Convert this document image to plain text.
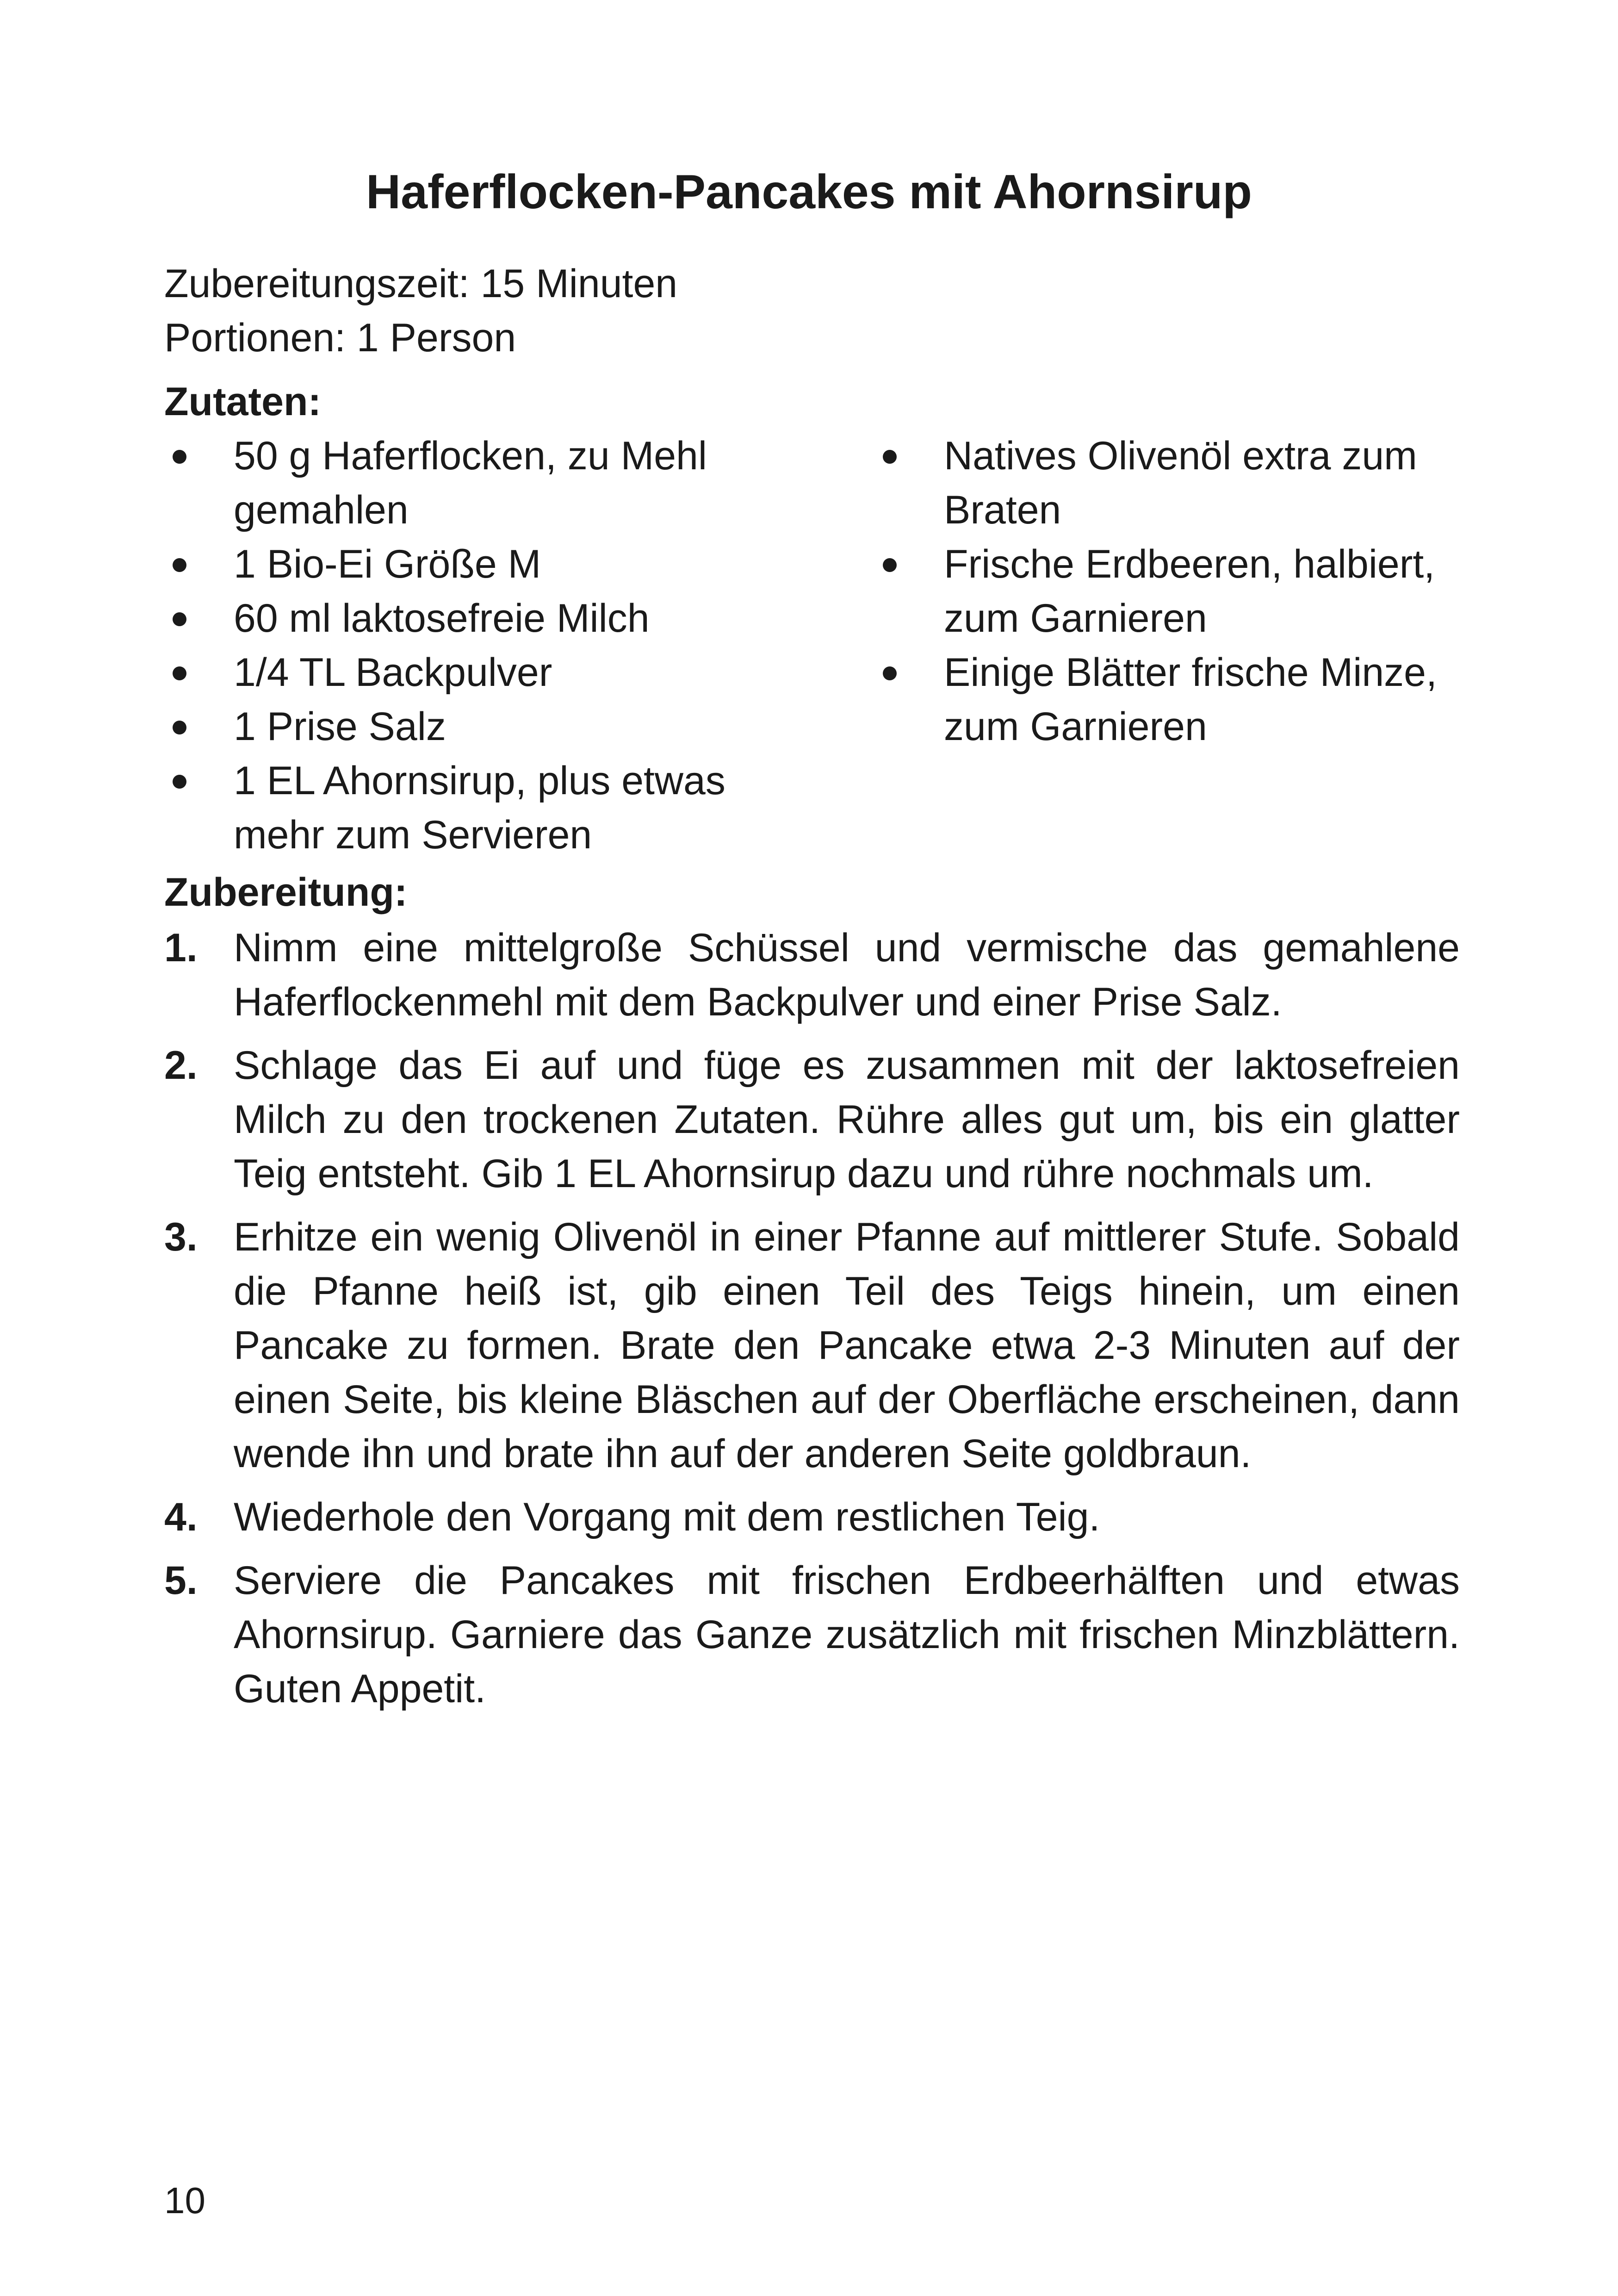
Haferflocken-Pancakes mit Ahornsirup
Zubereitungszeit: 15 Minuten
Portionen: 1 Person
Zutaten:
50 g Haferflocken, zu Mehl gemahlen
1 Bio-Ei Größe M
60 ml laktosefreie Milch
1/4 TL Backpulver
1 Prise Salz
1 EL Ahornsirup, plus etwas mehr zum Servieren
Natives Olivenöl extra zum Braten
Frische Erdbeeren, halbiert, zum Garnieren
Einige Blätter frische Minze, zum Garnieren
Zubereitung:
1. Nimm eine mittelgroße Schüssel und vermische das gemahlene Haferflockenmehl mit dem Backpulver und einer Prise Salz.
2. Schlage das Ei auf und füge es zusammen mit der laktosefreien Milch zu den trockenen Zutaten. Rühre alles gut um, bis ein glatter Teig entsteht. Gib 1 EL Ahornsirup dazu und rühre nochmals um.
3. Erhitze ein wenig Olivenöl in einer Pfanne auf mittlerer Stufe. Sobald die Pfanne heiß ist, gib einen Teil des Teigs hinein, um einen Pancake zu formen. Brate den Pancake etwa 2-3 Minuten auf der einen Seite, bis kleine Bläschen auf der Oberfläche erscheinen, dann wende ihn und brate ihn auf der anderen Seite goldbraun.
4. Wiederhole den Vorgang mit dem restlichen Teig.
5. Serviere die Pancakes mit frischen Erdbeerhälften und etwas Ahornsirup. Garniere das Ganze zusätzlich mit frischen Minzblättern. Guten Appetit.
10
